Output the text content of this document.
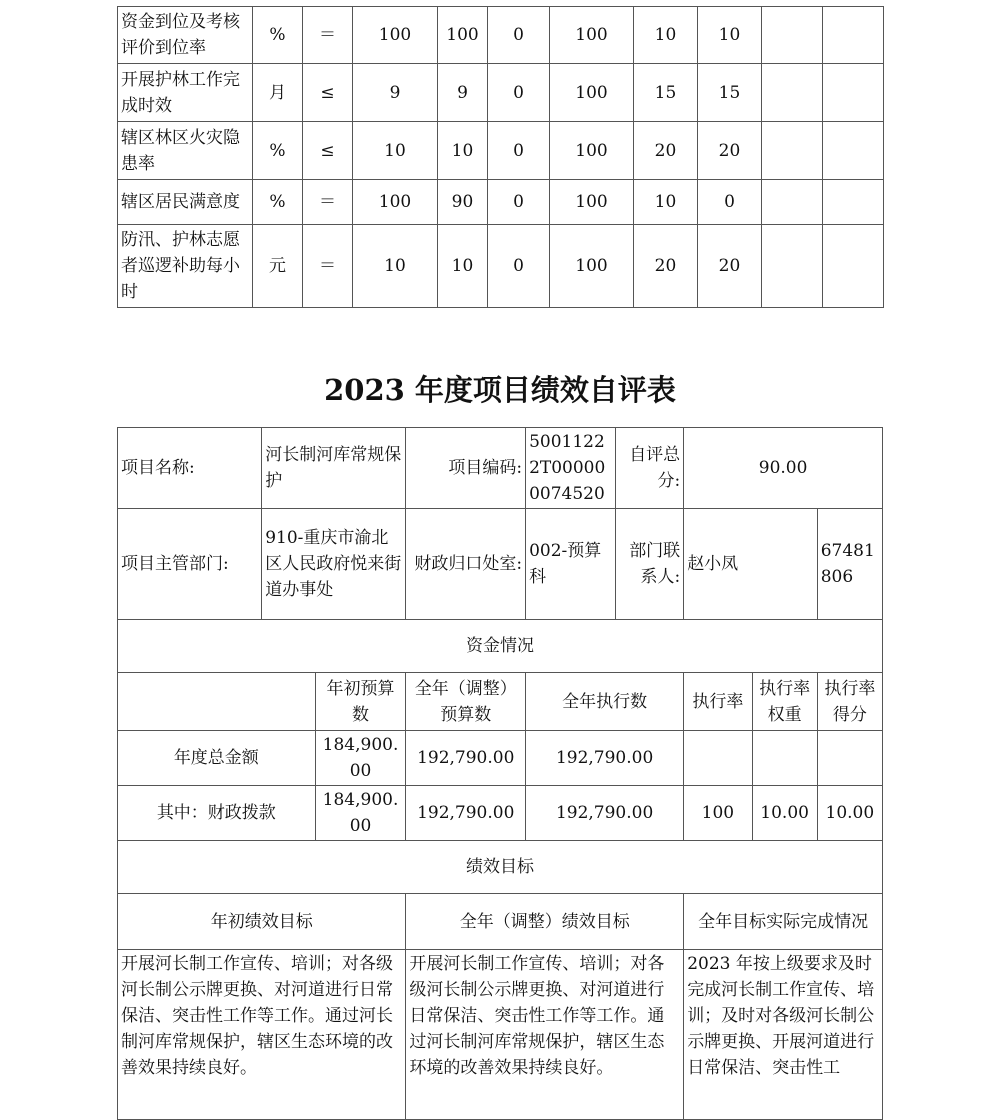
资金到位及考核评价到位率	%	＝	100	100	0	100	10	10		
开展护林工作完成时效	月	≤	9	9	0	100	15	15		
辖区林区火灾隐患率	%	≤	10	10	0	100	20	20		
辖区居民满意度	%	＝	100	90	0	100	10	0		
防汛、护林志愿者巡逻补助每小时	元	＝	10	10	0	100	20	20		
2023 年度项目绩效自评表
项目名称:	河长制河库常规保护		项目编码:	50011222T000000074520	自评总分:	90.00		
项目主管部门:	910-重庆市渝北区人民政府悦来街道办事处		财政归口处室:	002-预算科	部门联系人:	赵小凤		67481806
资金情况								
		年初预算数	全年（调整）预算数	全年执行数		执行率	执行率权重	执行率得分
年度总金额		184,900.00	192,790.00	192,790.00				
其中：财政拨款		184,900.00	192,790.00	192,790.00		100	10.00	10.00
绩效目标								
年初绩效目标			全年（调整）绩效目标			全年目标实际完成情况		
开展河长制工作宣传、培训；对各级河长制公示牌更换、对河道进行日常保洁、突击性工作等工作。通过河长制河库常规保护，辖区生态环境的改善效果持续良好。			开展河长制工作宣传、培训；对各级河长制公示牌更换、对河道进行日常保洁、突击性工作等工作。通过河长制河库常规保护，辖区生态环境的改善效果持续良好。			2023 年按上级要求及时完成河长制工作宣传、培训；及时对各级河长制公示牌更换、开展河道进行日常保洁、突击性工		
